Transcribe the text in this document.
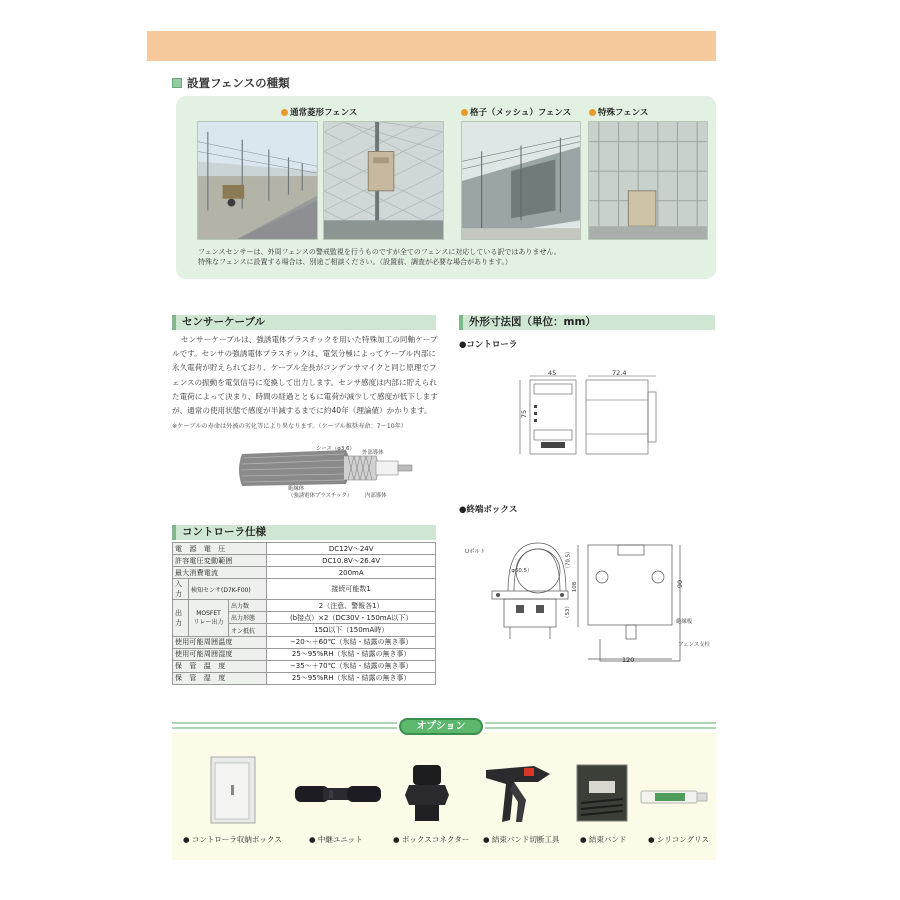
設置フェンスの種類
通常菱形フェンス	格子（メッシュ）フェンス	特殊フェンス
フェンスセンサーは、外周フェンスの警戒監視を行うものですが全てのフェンスに対応している訳ではありません。
特殊なフェンスに設置する場合は、別途ご相談ください。（設置前、調査が必要な場合があります。）
センサーケーブル
センサーケーブルは、強誘電体プラスチックを用いた特殊加工の同軸ケーブルです。センサの強誘電体プラスチックは、電気分極によってケーブル内部に永久電荷が貯えられており、ケーブル全長がコンデンサマイクと同じ原理でフェンスの振動を電気信号に変換して出力します。センサ感度は内部に貯えられた電荷によって決まり、時間の経過とともに電荷が減少して感度が低下しますが、通常の使用状態で感度が半減するまでに約40年（理論値）かかります。
※ケーブルの寿命は外被の劣化等により異なります。（ケーブル推奨寿命：7〜10年）
シース（φ3.6）
外部導体
絶縁体
（強誘電体プラスチック） 内部導体
外形寸法図（単位：mm）
●コントローラ
45	72.4
75
●終端ボックス
Uボルト
（φ60.5）	（70.5）
108
（53）
90
絶縁板
フェンス支柱
120
コントローラ仕様
電　源　電　圧			DC12V〜24V
許容電圧変動範囲			DC10.8V〜26.4V
最大消費電流			200mA
入力	検知センサ(D7K-F00)		接続可能数1
出力	MOSFET
リレー出力	出力数	2（注意、警報各1）
		出力形態	(b接点）×2（DC30V・150mA以下）
		オン抵抗	15Ω以下（150mA時）
使用可能周囲温度			−20〜＋60℃（氷結・結露の無き事）
使用可能周囲湿度			25〜95%RH（氷結・結露の無き事）
保　管　温　度			−35〜＋70℃（氷結・結露の無き事）
保　管　湿　度			25〜95%RH（氷結・結露の無き事）
オプション
● コントローラ収納ボックス	● 中継ユニット	● ボックスコネクター ● 結束バンド切断工具	● 結束バンド	● シリコングリス
